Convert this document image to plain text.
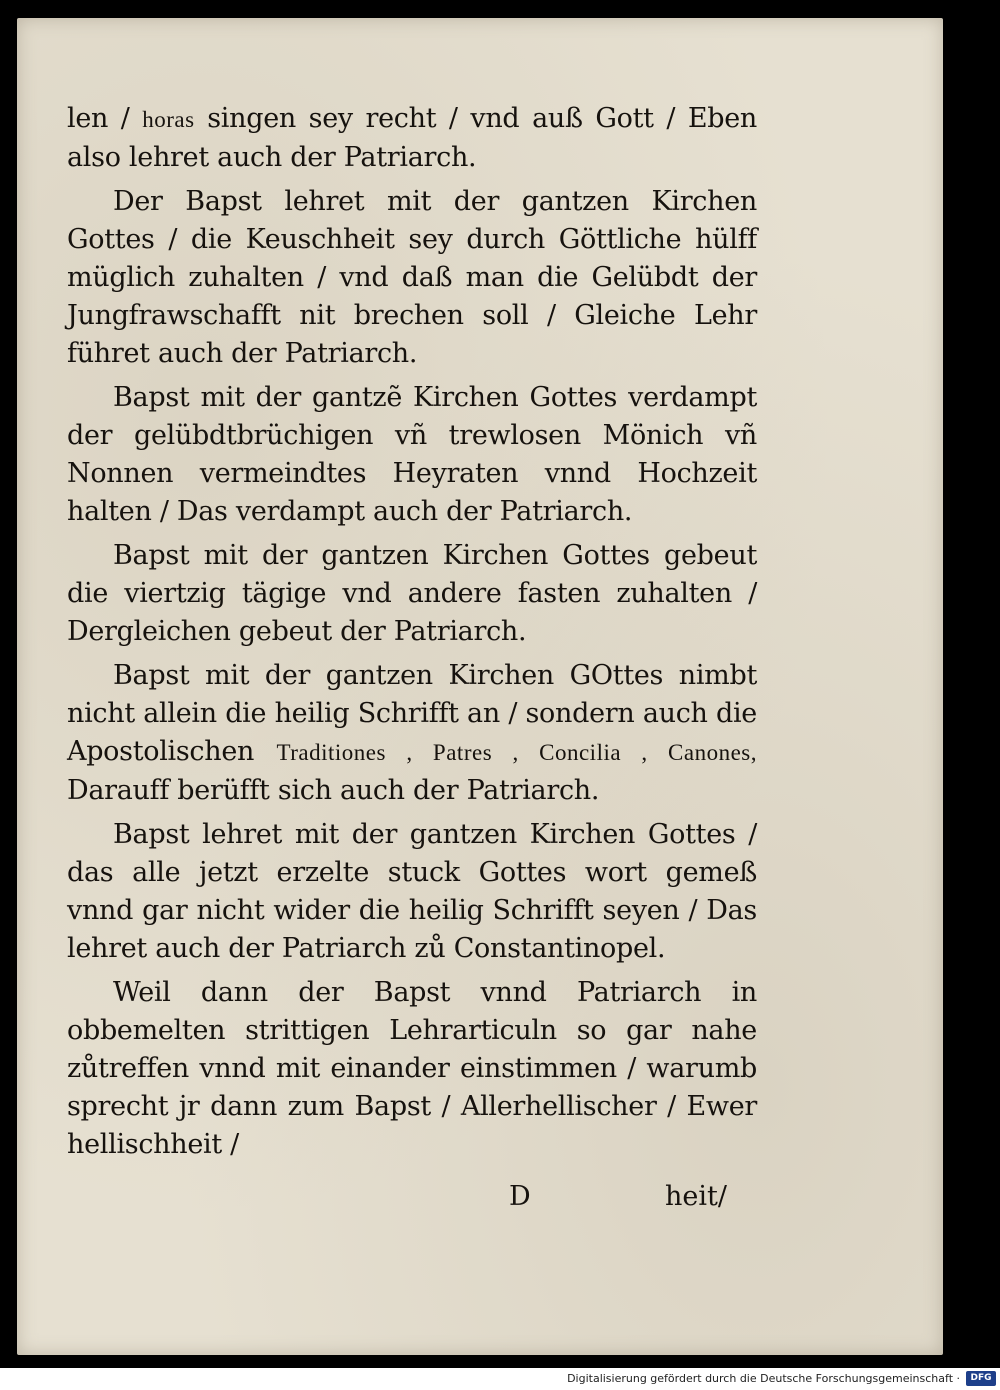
len / horas singen sey recht / vnd auß Gott / Eben also lehret auch der Patriarch.

Der Bapst lehret mit der gantzen Kirchen Gottes / die Keuschheit sey durch Göttliche hülff müglich zuhalten / vnd daß man die Gelübdt der Jungfrawschafft nit brechen soll / Gleiche Lehr führet auch der Patriarch.

Bapst mit der gantzẽ Kirchen Gottes verdampt der gelübdtbrüchigen vñ trewlosen Mönich vñ Nonnen vermeindtes Heyraten vnnd Hochzeit halten / Das verdampt auch der Patriarch.

Bapst mit der gantzen Kirchen Gottes gebeut die viertzig tägige vnd andere fasten zuhalten / Dergleichen gebeut der Patriarch.

Bapst mit der gantzen Kirchen GOttes nimbt nicht allein die heilig Schrifft an / sondern auch die Apostolischen Traditiones , Patres , Concilia , Canones, Darauff berüfft sich auch der Patriarch.

Bapst lehret mit der gantzen Kirchen Gottes / das alle jetzt erzelte stuck Gottes wort gemeß vnnd gar nicht wider die heilig Schrifft seyen / Das lehret auch der Patriarch zů Constantinopel.

Weil dann der Bapst vnnd Patriarch in obbemelten strittigen Lehrarticuln so gar nahe zůtreffen vnnd mit einander einstimmen / warumb sprecht jr dann zum Bapst / Allerhellischer / Ewer hellischheit /

D	heit/
Digitalisierung gefördert durch die Deutsche Forschungsgemeinschaft ·	DFG
